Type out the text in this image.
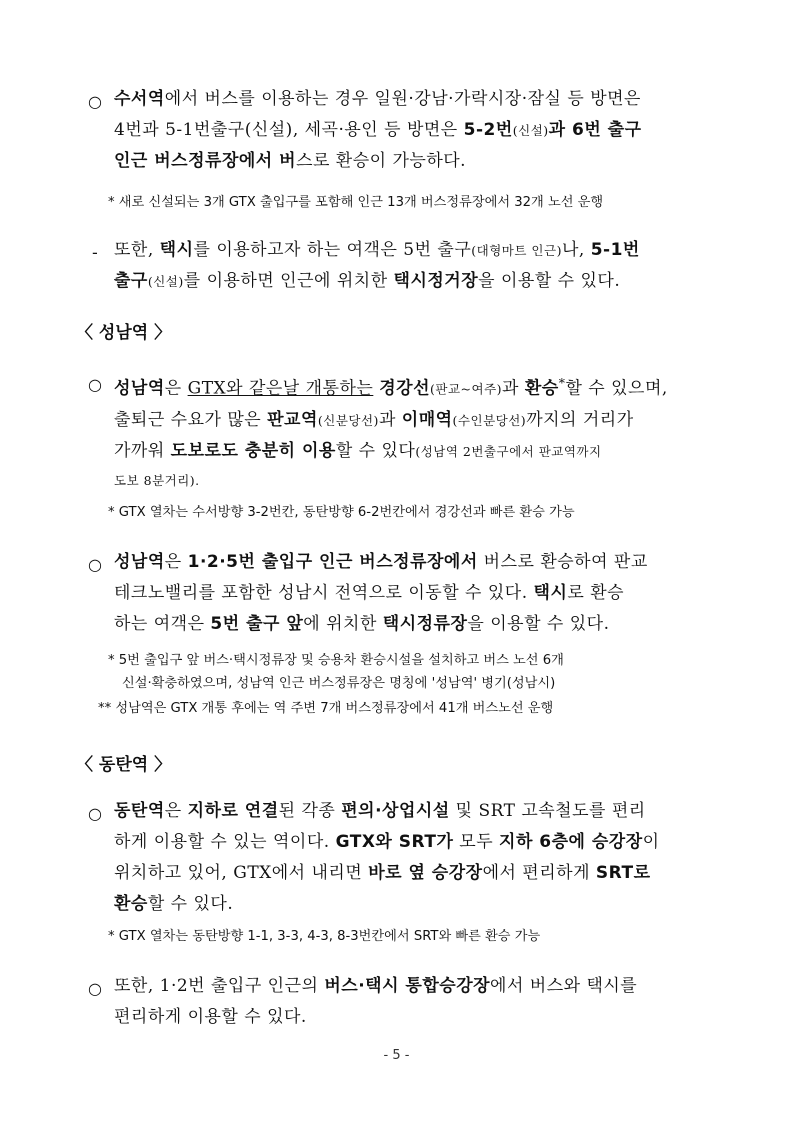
○ 수서역에서 버스를 이용하는 경우 일원·강남·가락시장·잠실 등 방면은
4번과 5-1번출구(신설), 세곡·용인 등 방면은 5-2번(신설)과 6번 출구
인근 버스정류장에서 버스로 환승이 가능하다.
* 새로 신설되는 3개 GTX 출입구를 포함해 인근 13개 버스정류장에서 32개 노선 운행
- 또한, 택시를 이용하고자 하는 여객은 5번 출구(대형마트 인근)나, 5-1번
출구(신설)를 이용하면 인근에 위치한 택시정거장을 이용할 수 있다.
〈 성남역 〉
○ 성남역은 GTX와 같은날 개통하는 경강선(판교~여주)과 환승*할 수 있으며,
출퇴근 수요가 많은 판교역(신분당선)과 이매역(수인분당선)까지의 거리가
가까워 도보로도 충분히 이용할 수 있다(성남역 2번출구에서 판교역까지
도보 8분거리).
* GTX 열차는 수서방향 3-2번칸, 동탄방향 6-2번칸에서 경강선과 빠른 환승 가능
○ 성남역은 1·2·5번 출입구 인근 버스정류장에서 버스로 환승하여 판교
테크노밸리를 포함한 성남시 전역으로 이동할 수 있다. 택시로 환승
하는 여객은 5번 출구 앞에 위치한 택시정류장을 이용할 수 있다.
* 5번 출입구 앞 버스·택시정류장 및 승용차 환승시설을 설치하고 버스 노선 6개
신설·확충하였으며, 성남역 인근 버스정류장은 명칭에 '성남역' 병기(성남시)
** 성남역은 GTX 개통 후에는 역 주변 7개 버스정류장에서 41개 버스노선 운행
〈 동탄역 〉
○ 동탄역은 지하로 연결된 각종 편의·상업시설 및 SRT 고속철도를 편리
하게 이용할 수 있는 역이다. GTX와 SRT가 모두 지하 6층에 승강장이
위치하고 있어, GTX에서 내리면 바로 옆 승강장에서 편리하게 SRT로
환승할 수 있다.
* GTX 열차는 동탄방향 1-1, 3-3, 4-3, 8-3번칸에서 SRT와 빠른 환승 가능
○ 또한, 1·2번 출입구 인근의 버스·택시 통합승강장에서 버스와 택시를
편리하게 이용할 수 있다.
- 5 -
